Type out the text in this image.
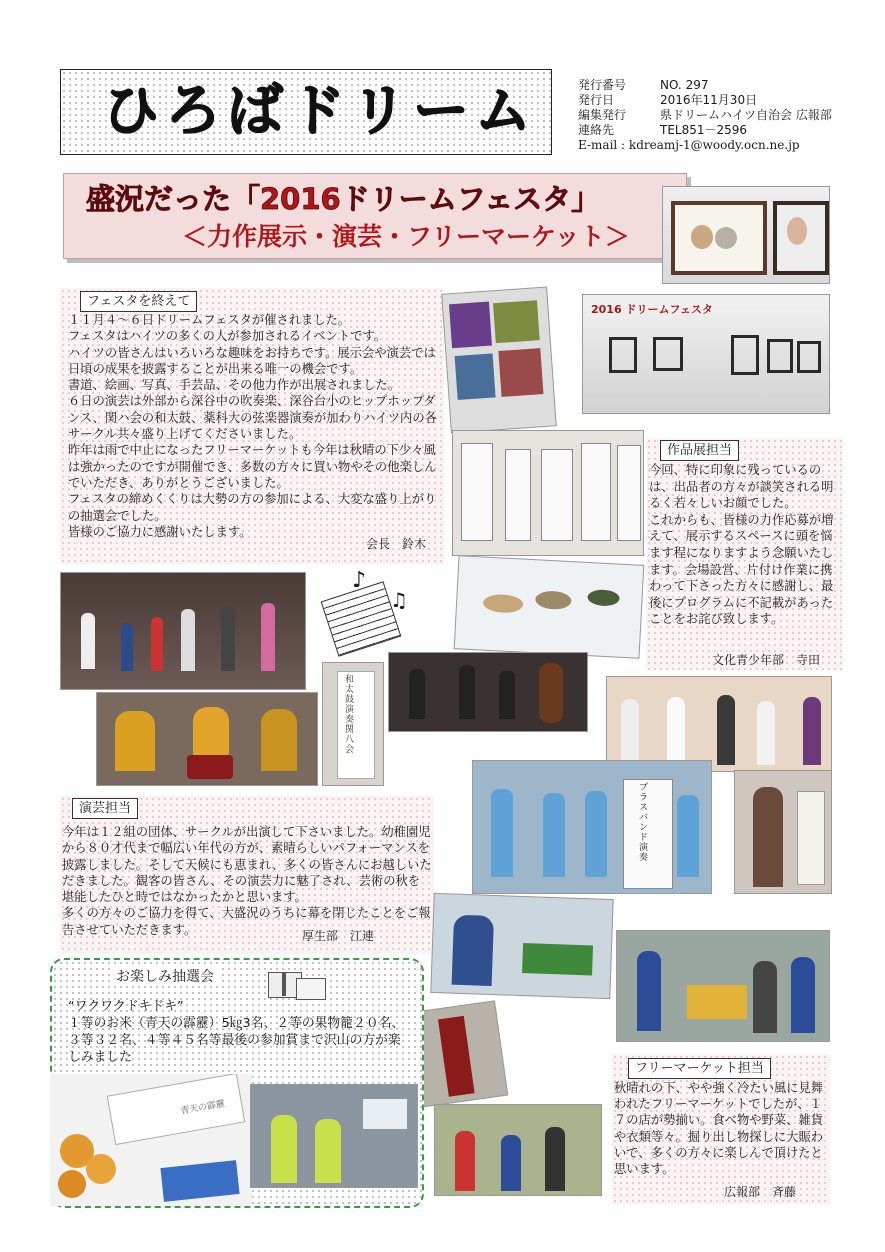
ひろばドリーム	発行番号	NO. 297
発行日	2016年11月30日
編集発行	県ドリームハイツ自治会 広報部
連絡先	TEL851－2596
E-mail : kdreamj-1@woody.ocn.ne.jp
盛況だった「2016ドリームフェスタ」
＜力作展示・演芸・フリーマーケット＞
フェスタを終えて
１１月４～６日ドリームフェスタが催されました。
フェスタはハイツの多くの人が参加されるイベントです。
ハイツの皆さんはいろいろな趣味をお持ちです。展示会や演芸では日頃の成果を披露することが出来る唯一の機会です。
書道、絵画、写真、手芸品、その他力作が出展されました。
６日の演芸は外部から深谷中の吹奏楽、深谷台小のヒップホップダンス、関ハ会の和太鼓、薬科大の弦楽器演奏が加わりハイツ内の各サークル共々盛り上げてくださいました。
昨年は雨で中止になったフリーマーケットも今年は秋晴の下少々風は強かったのですが開催でき、多数の方々に買い物やその他楽しんでいただき、ありがとうございました。
フェスタの締めくくりは大勢の方の参加による、大変な盛り上がりの抽選会でした。
皆様のご協力に感謝いたします。
会長　鈴木
2016 ドリームフェスタ
作品展担当
今回、特に印象に残っているのは、出品者の方々が談笑される明るく若々しいお顔でした。
これからも、皆様の力作応募が増えて、展示するスペースに頭を悩ます程になりますよう念願いたします。会場設営、片付け作業に携わって下さった方々に感謝し、最後にプログラムに不記載があったことをお詫び致します。
文化青少年部　寺田
♪
♫
和太鼓演奏 関八会
ブラスバンド演奏
演芸担当
今年は１２組の団体、サークルが出演して下さいました。幼稚園児から８０才代まで幅広い年代の方が、素晴らしいパフォーマンスを披露しました。そして天候にも恵まれ、多くの皆さんにお越しいただきました。観客の皆さん、その演芸力に魅了され、芸術の秋を堪能したひと時ではなかったかと思います。
多くの方々のご協力を得て、大盛況のうちに幕を閉じたことをご報告させていただきます。	厚生部　江連
お楽しみ抽選会
“ワクワクドキドキ”
１等のお米（青天の霹靂）5㎏3名、２等の果物籠２０名、３等３２名、４等４５名等最後の参加賞まで沢山の方が楽しみました
青天の霹靂
フリーマーケット担当
秋晴れの下、やや強く冷たい風に見舞われたフリーマーケットでしたが、１７の店が勢揃い。食べ物や野菜、雑貨や衣類等々。掘り出し物探しに大賑わいで、多くの方々に楽しんで頂けたと思います。
広報部　斉藤
